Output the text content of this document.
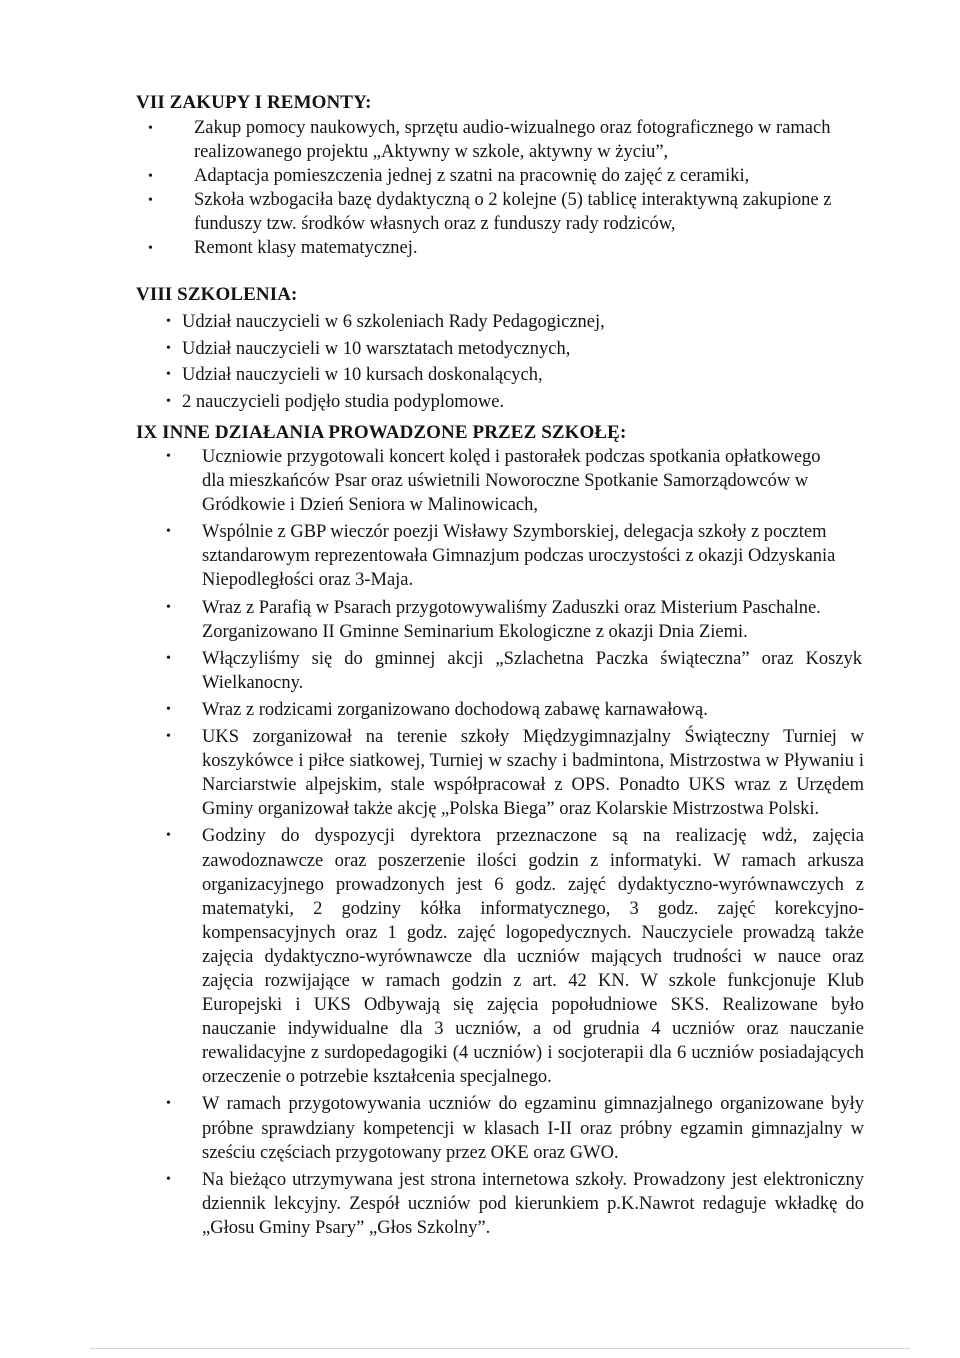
VII ZAKUPY I REMONTY:
• Zakup pomocy naukowych, sprzętu audio-wizualnego oraz fotograficznego w ramach realizowanego projektu „Aktywny w szkole, aktywny w życiu”,
• Adaptacja pomieszczenia jednej z szatni na pracownię do zajęć z ceramiki,
• Szkoła wzbogaciła bazę dydaktyczną o 2 kolejne (5) tablicę interaktywną zakupione z funduszy tzw. środków własnych oraz z funduszy rady rodziców,
• Remont klasy matematycznej.
VIII SZKOLENIA:
• Udział nauczycieli w 6 szkoleniach Rady Pedagogicznej,
• Udział nauczycieli w 10 warsztatach metodycznych,
• Udział nauczycieli w 10 kursach doskonalących,
• 2 nauczycieli podjęło studia podyplomowe.
IX INNE DZIAŁANIA PROWADZONE PRZEZ SZKOŁĘ:
• Uczniowie przygotowali koncert kolęd i pastorałek podczas spotkania opłatkowego dla mieszkańców Psar oraz uświetnili Noworoczne Spotkanie Samorządowców w Gródkowie i Dzień Seniora w Malinowicach,
• Wspólnie z GBP wieczór poezji Wisławy Szymborskiej, delegacja szkoły z pocztem sztandarowym reprezentowała Gimnazjum podczas uroczystości z okazji Odzyskania Niepodległości oraz 3-Maja.
• Wraz z Parafią w Psarach przygotowywaliśmy Zaduszki oraz Misterium Paschalne. Zorganizowano II Gminne Seminarium Ekologiczne z okazji Dnia Ziemi.
• Włączyliśmy się do gminnej akcji „Szlachetna Paczka świąteczna” oraz Koszyk Wielkanocny.
• Wraz z rodzicami zorganizowano dochodową zabawę karnawałową.
• UKS zorganizował na terenie szkoły Międzygimnazjalny Świąteczny Turniej w koszykówce i piłce siatkowej, Turniej w szachy i badmintona, Mistrzostwa w Pływaniu i Narciarstwie alpejskim, stale współpracował z OPS. Ponadto UKS wraz z Urzędem Gminy organizował także akcję „Polska Biega” oraz Kolarskie Mistrzostwa Polski.
• Godziny do dyspozycji dyrektora przeznaczone są na realizację wdż, zajęcia zawodoznawcze oraz poszerzenie ilości godzin z informatyki. W ramach arkusza organizacyjnego prowadzonych jest 6 godz. zajęć dydaktyczno-wyrównawczych z matematyki, 2 godziny kółka informatycznego, 3 godz. zajęć korekcyjno-kompensacyjnych oraz 1 godz. zajęć logopedycznych. Nauczyciele prowadzą także zajęcia dydaktyczno-wyrównawcze dla uczniów mających trudności w nauce oraz zajęcia rozwijające w ramach godzin z art. 42 KN. W szkole funkcjonuje Klub Europejski i UKS Odbywają się zajęcia popołudniowe SKS. Realizowane było nauczanie indywidualne dla 3 uczniów, a od grudnia 4 uczniów oraz nauczanie rewalidacyjne z surdopedagogiki (4 uczniów) i socjoterapii dla 6 uczniów posiadających orzeczenie o potrzebie kształcenia specjalnego.
• W ramach przygotowywania uczniów do egzaminu gimnazjalnego organizowane były próbne sprawdziany kompetencji w klasach I-II oraz próbny egzamin gimnazjalny w sześciu częściach przygotowany przez OKE oraz GWO.
• Na bieżąco utrzymywana jest strona internetowa szkoły. Prowadzony jest elektroniczny dziennik lekcyjny. Zespół uczniów pod kierunkiem p.K.Nawrot redaguje wkładkę do „Głosu Gminy Psary” „Głos Szkolny”.
